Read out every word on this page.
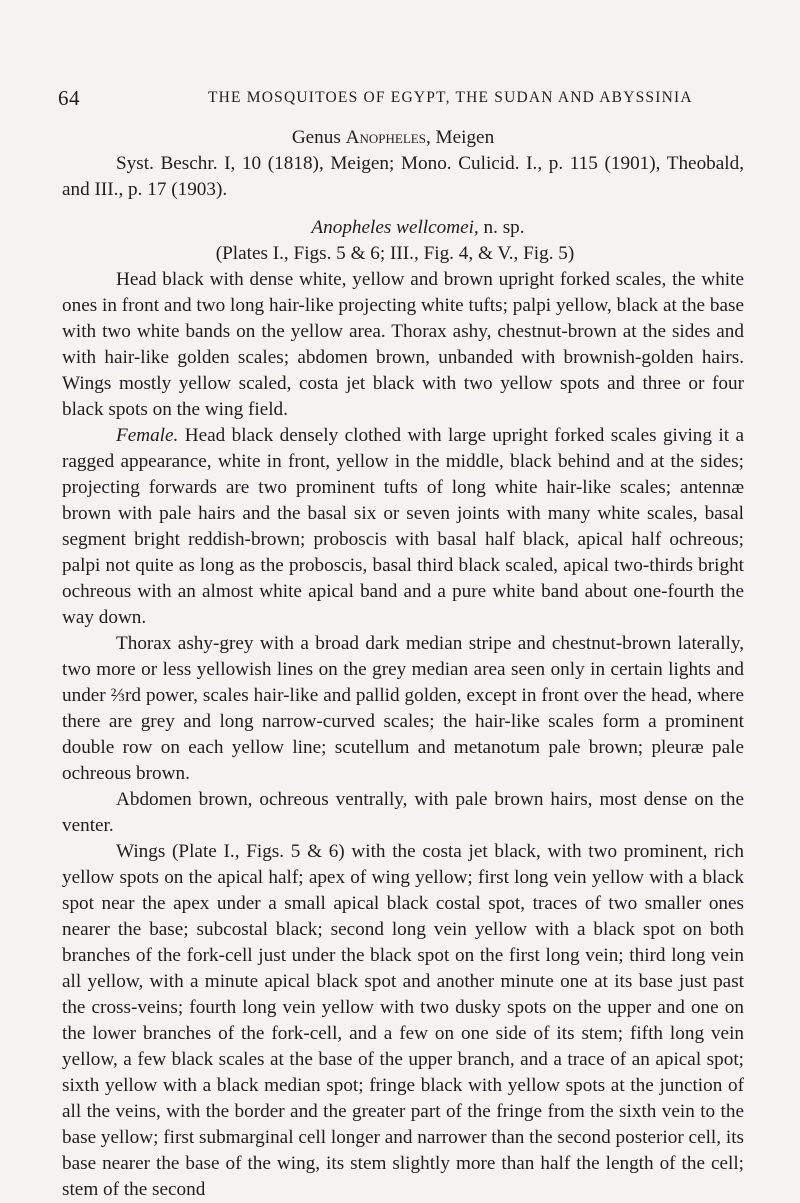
64	THE MOSQUITOES OF EGYPT, THE SUDAN AND ABYSSINIA

Genus Anopheles, Meigen

Syst. Beschr. I, 10 (1818), Meigen; Mono. Culicid. I., p. 115 (1901), Theobald, and III., p. 17 (1903).

Anopheles wellcomei, n. sp.

(Plates I., Figs. 5 & 6; III., Fig. 4, & V., Fig. 5)

Head black with dense white, yellow and brown upright forked scales, the white ones in front and two long hair-like projecting white tufts; palpi yellow, black at the base with two white bands on the yellow area. Thorax ashy, chestnut-brown at the sides and with hair-like golden scales; abdomen brown, unbanded with brownish-golden hairs. Wings mostly yellow scaled, costa jet black with two yellow spots and three or four black spots on the wing field.

Female. Head black densely clothed with large upright forked scales giving it a ragged appearance, white in front, yellow in the middle, black behind and at the sides; projecting forwards are two prominent tufts of long white hair-like scales; antennæ brown with pale hairs and the basal six or seven joints with many white scales, basal segment bright reddish-brown; proboscis with basal half black, apical half ochreous; palpi not quite as long as the proboscis, basal third black scaled, apical two-thirds bright ochreous with an almost white apical band and a pure white band about one-fourth the way down.

Thorax ashy-grey with a broad dark median stripe and chestnut-brown laterally, two more or less yellowish lines on the grey median area seen only in certain lights and under ⅔rd power, scales hair-like and pallid golden, except in front over the head, where there are grey and long narrow-curved scales; the hair-like scales form a prominent double row on each yellow line; scutellum and metanotum pale brown; pleuræ pale ochreous brown.

Abdomen brown, ochreous ventrally, with pale brown hairs, most dense on the venter.

Wings (Plate I., Figs. 5 & 6) with the costa jet black, with two prominent, rich yellow spots on the apical half; apex of wing yellow; first long vein yellow with a black spot near the apex under a small apical black costal spot, traces of two smaller ones nearer the base; subcostal black; second long vein yellow with a black spot on both branches of the fork-cell just under the black spot on the first long vein; third long vein all yellow, with a minute apical black spot and another minute one at its base just past the cross-veins; fourth long vein yellow with two dusky spots on the upper and one on the lower branches of the fork-cell, and a few on one side of its stem; fifth long vein yellow, a few black scales at the base of the upper branch, and a trace of an apical spot; sixth yellow with a black median spot; fringe black with yellow spots at the junction of all the veins, with the border and the greater part of the fringe from the sixth vein to the base yellow; first submarginal cell longer and narrower than the second posterior cell, its base nearer the base of the wing, its stem slightly more than half the length of the cell; stem of the second
